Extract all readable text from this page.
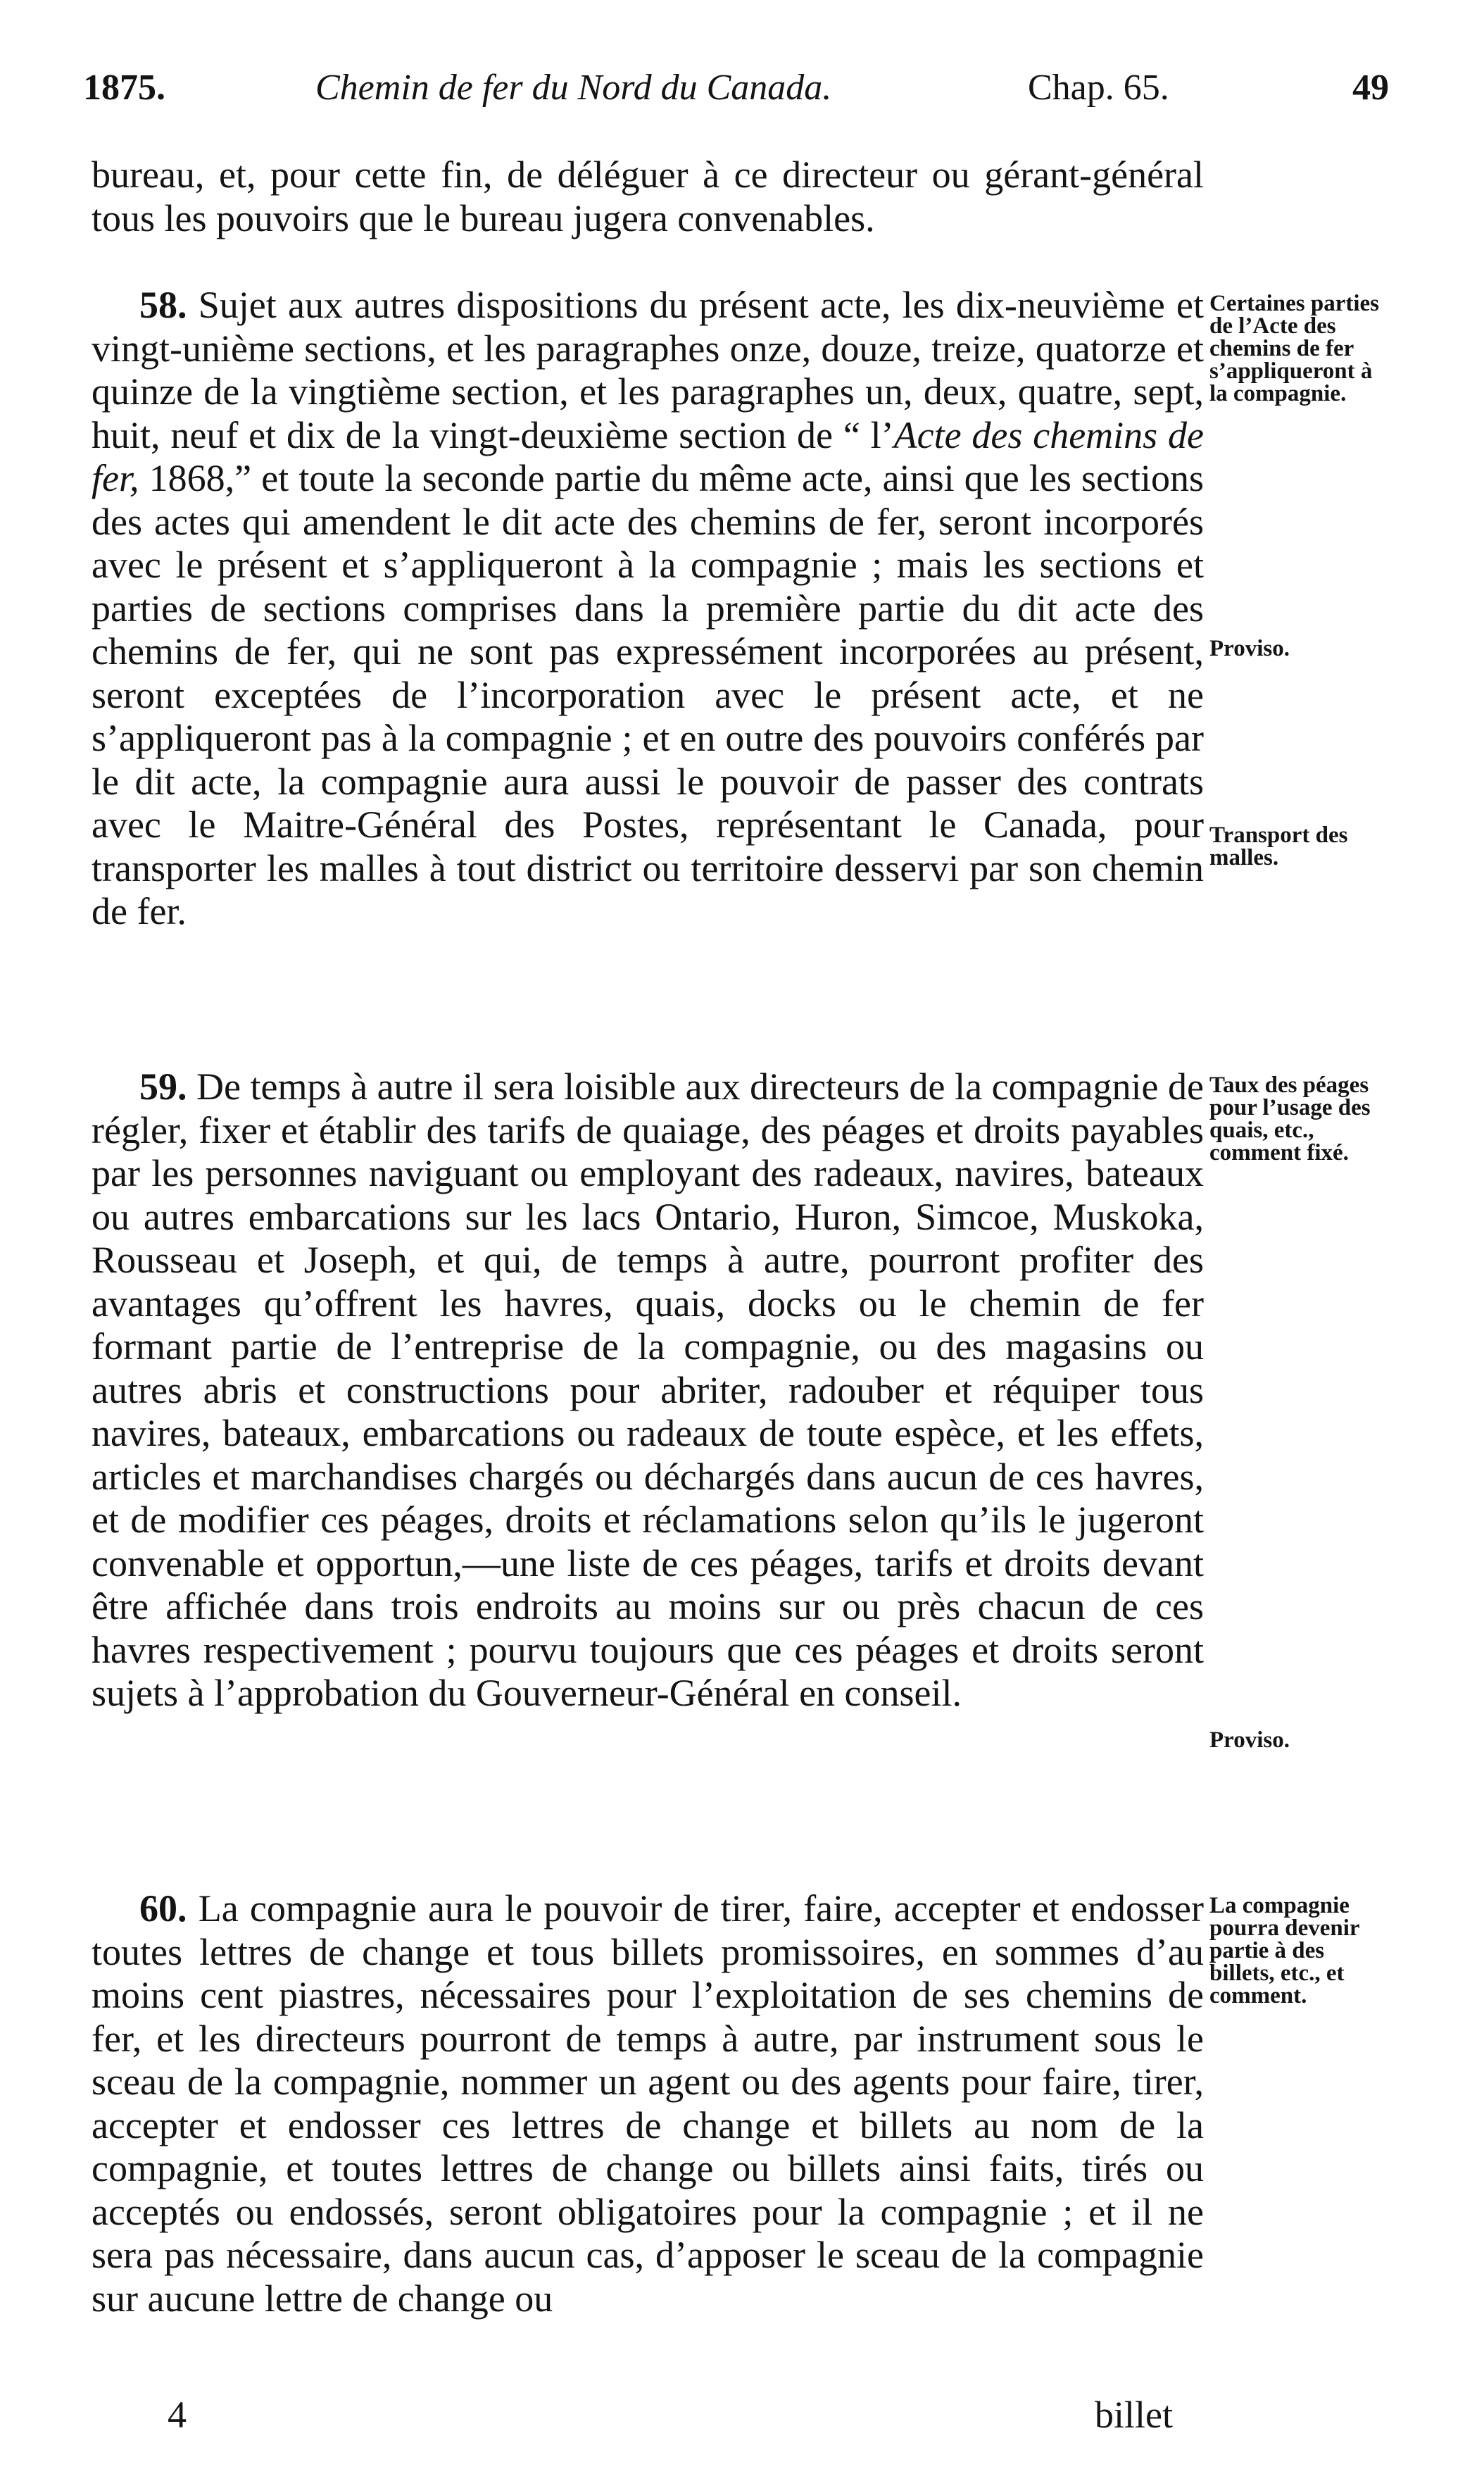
1875.	Chemin de fer du Nord du Canada.	Chap. 65.	49

bureau, et, pour cette fin, de déléguer à ce directeur ou gérant-général tous les pouvoirs que le bureau jugera convenables.

58. Sujet aux autres dispositions du présent acte, les dix-neuvième et vingt-unième sections, et les paragraphes onze, douze, treize, quatorze et quinze de la vingtième section, et les paragraphes un, deux, quatre, sept, huit, neuf et dix de la vingt-deuxième section de “ l’Acte des chemins de fer, 1868,” et toute la seconde partie du même acte, ainsi que les sections des actes qui amendent le dit acte des chemins de fer, seront incorporés avec le présent et s’appliqueront à la compagnie ; mais les sections et parties de sections comprises dans la première partie du dit acte des chemins de fer, qui ne sont pas expressément incorporées au présent, seront exceptées de l’incorporation avec le présent acte, et ne s’appliqueront pas à la compagnie ; et en outre des pouvoirs conférés par le dit acte, la compagnie aura aussi le pouvoir de passer des contrats avec le Maitre-Général des Postes, représentant le Canada, pour transporter les malles à tout district ou territoire desservi par son chemin de fer.

59. De temps à autre il sera loisible aux directeurs de la compagnie de régler, fixer et établir des tarifs de quaiage, des péages et droits payables par les personnes naviguant ou employant des radeaux, navires, bateaux ou autres embarcations sur les lacs Ontario, Huron, Simcoe, Muskoka, Rousseau et Joseph, et qui, de temps à autre, pourront profiter des avantages qu’offrent les havres, quais, docks ou le chemin de fer formant partie de l’entreprise de la compagnie, ou des magasins ou autres abris et constructions pour abriter, radouber et réquiper tous navires, bateaux, embarcations ou radeaux de toute espèce, et les effets, articles et marchandises chargés ou déchargés dans aucun de ces havres, et de modifier ces péages, droits et réclamations selon qu’ils le jugeront convenable et opportun,—une liste de ces péages, tarifs et droits devant être affichée dans trois endroits au moins sur ou près chacun de ces havres respectivement ; pourvu toujours que ces péages et droits seront sujets à l’approbation du Gouverneur-Général en conseil.

60. La compagnie aura le pouvoir de tirer, faire, accepter et endosser toutes lettres de change et tous billets promissoires, en sommes d’au moins cent piastres, nécessaires pour l’exploitation de ses chemins de fer, et les directeurs pourront de temps à autre, par instrument sous le sceau de la compagnie, nommer un agent ou des agents pour faire, tirer, accepter et endosser ces lettres de change et billets au nom de la compagnie, et toutes lettres de change ou billets ainsi faits, tirés ou acceptés ou endossés, seront obligatoires pour la compagnie ; et il ne sera pas nécessaire, dans aucun cas, d’apposer le sceau de la compagnie sur aucune lettre de change ou

Certaines parties de l’Acte des chemins de fer s’appliqueront à la compagnie.
Proviso.
Transport des malles.
Taux des péages pour l’usage des quais, etc., comment fixé.
Proviso.
La compagnie pourra devenir partie à des billets, etc., et comment.
4	billet
